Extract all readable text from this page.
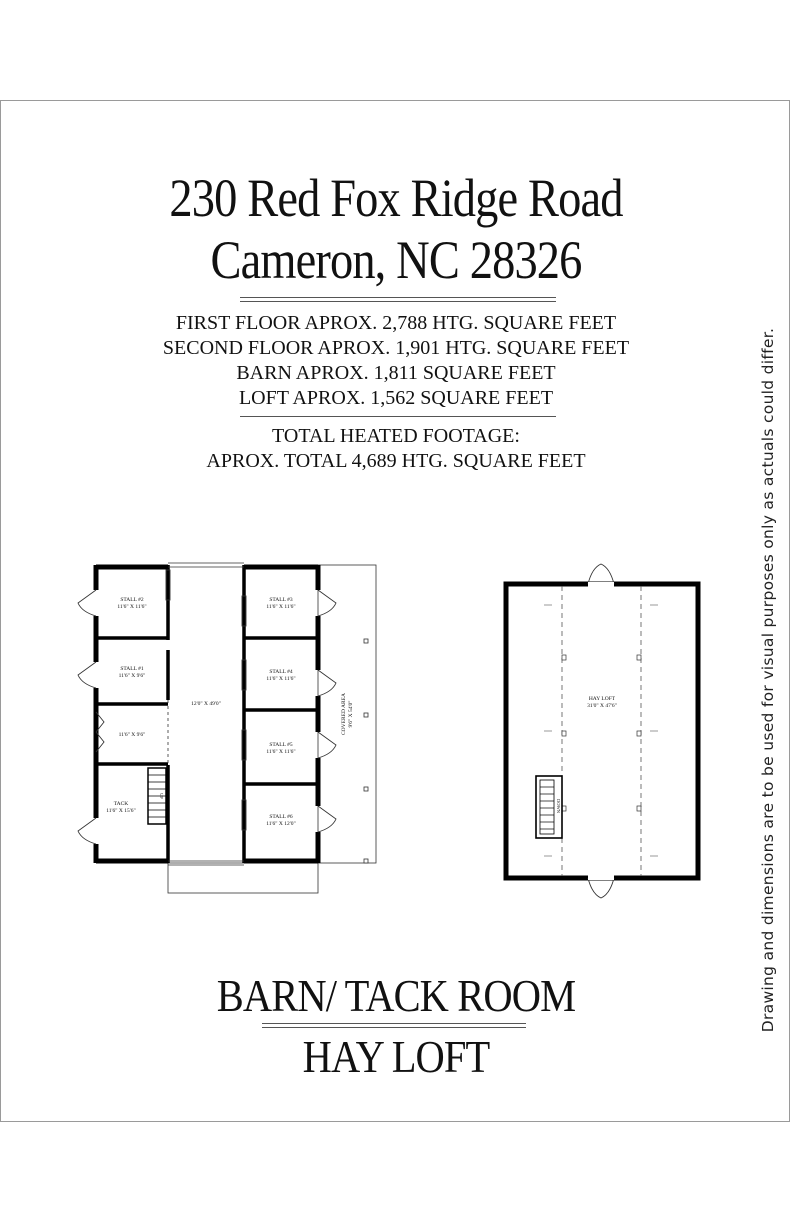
230 Red Fox Ridge Road
Cameron, NC 28326
FIRST FLOOR APROX. 2,788 HTG. SQUARE FEET
SECOND FLOOR APROX. 1,901 HTG. SQUARE FEET
BARN APROX. 1,811 SQUARE FEET
LOFT APROX. 1,562 SQUARE FEET
TOTAL HEATED FOOTAGE:
APROX. TOTAL 4,689 HTG. SQUARE FEET	Drawing and dimensions are to be used for visual purposes only as actuals could differ.
STALL #2
11'6" X 11'6"
STALL #1
11'6" X 9'6"
11'6" X 9'6"
TACK
11'6" X 15'6"
12'0" X 49'0"
STALL #3
11'6" X 11'6"
STALL #4
11'6" X 11'6"
STALL #5
11'6" X 11'6"
STALL #6
11'6" X 12'0"
COVERED AREA 9'6" X 54'0"
UP
HAY LOFT
31'0" X 47'6"
DOWN
BARN/ TACK ROOM
HAY LOFT
